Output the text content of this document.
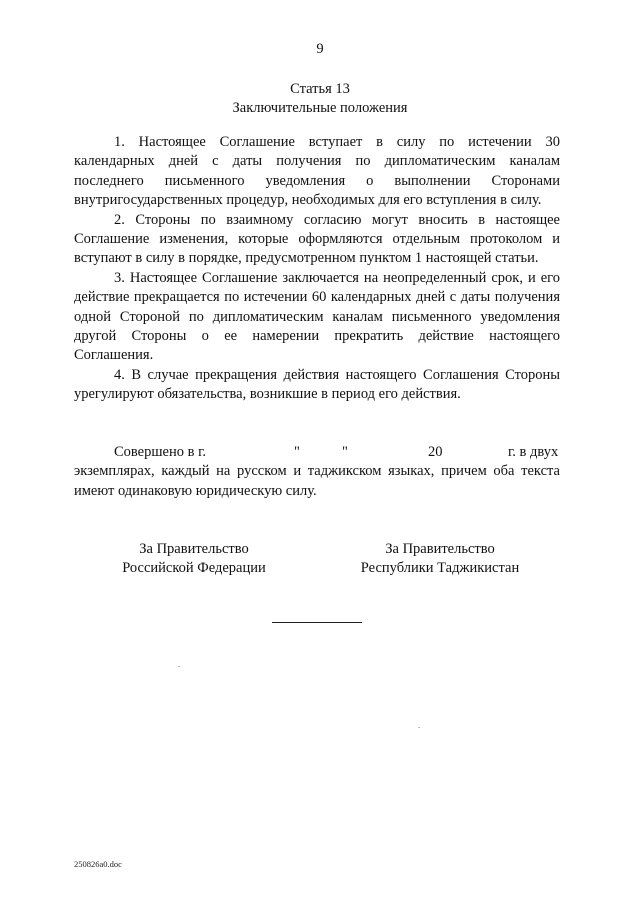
9
Статья 13
Заключительные положения

1. Настоящее Соглашение вступает в силу по истечении 30 календарных дней с даты получения по дипломатическим каналам последнего письменного уведомления о выполнении Сторонами внутригосударственных процедур, необходимых для его вступления в силу.

2. Стороны по взаимному согласию могут вносить в настоящее Соглашение изменения, которые оформляются отдельным протоколом и вступают в силу в порядке, предусмотренном пунктом 1 настоящей статьи.

3. Настоящее Соглашение заключается на неопределенный срок, и его действие прекращается по истечении 60 календарных дней с даты получения одной Стороной по дипломатическим каналам письменного уведомления другой Стороны о ее намерении прекратить действие настоящего Соглашения.

4. В случае прекращения действия настоящего Соглашения Стороны урегулируют обязательства, возникшие в период его действия.

Совершено в г.	"	"	20	г. в двух

экземплярах, каждый на русском и таджикском языках, причем оба текста имеют одинаковую юридическую силу.

За Правительство
Российской Федерации
За Правительство
Республики Таджикистан
250826a0.doc
